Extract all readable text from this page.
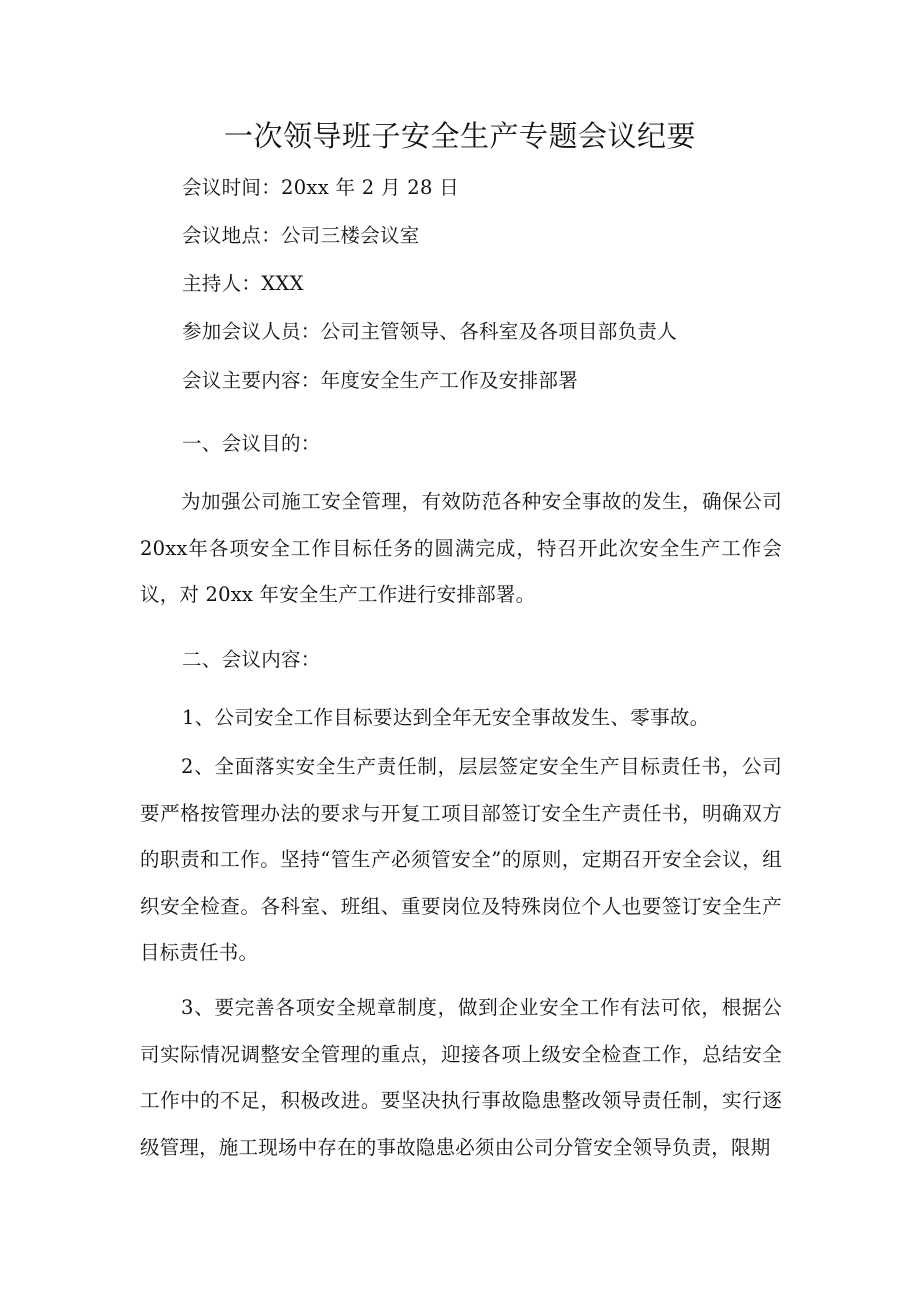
一次领导班子安全生产专题会议纪要
会议时间：20xx 年 2 月 28 日
会议地点：公司三楼会议室
主持人：XXX
参加会议人员：公司主管领导、各科室及各项目部负责人
会议主要内容：年度安全生产工作及安排部署
一、会议目的：
为加强公司施工安全管理，有效防范各种安全事故的发生，确保公司20xx年各项安全工作目标任务的圆满完成，特召开此次安全生产工作会议，对 20xx 年安全生产工作进行安排部署。
二、会议内容：
1、公司安全工作目标要达到全年无安全事故发生、零事故。
2、全面落实安全生产责任制，层层签定安全生产目标责任书，公司要严格按管理办法的要求与开复工项目部签订安全生产责任书，明确双方的职责和工作。坚持“管生产必须管安全”的原则，定期召开安全会议，组织安全检查。各科室、班组、重要岗位及特殊岗位个人也要签订安全生产目标责任书。
3、要完善各项安全规章制度，做到企业安全工作有法可依，根据公司实际情况调整安全管理的重点，迎接各项上级安全检查工作，总结安全工作中的不足，积极改进。要坚决执行事故隐患整改领导责任制，实行逐级管理，施工现场中存在的事故隐患必须由公司分管安全领导负责，限期
